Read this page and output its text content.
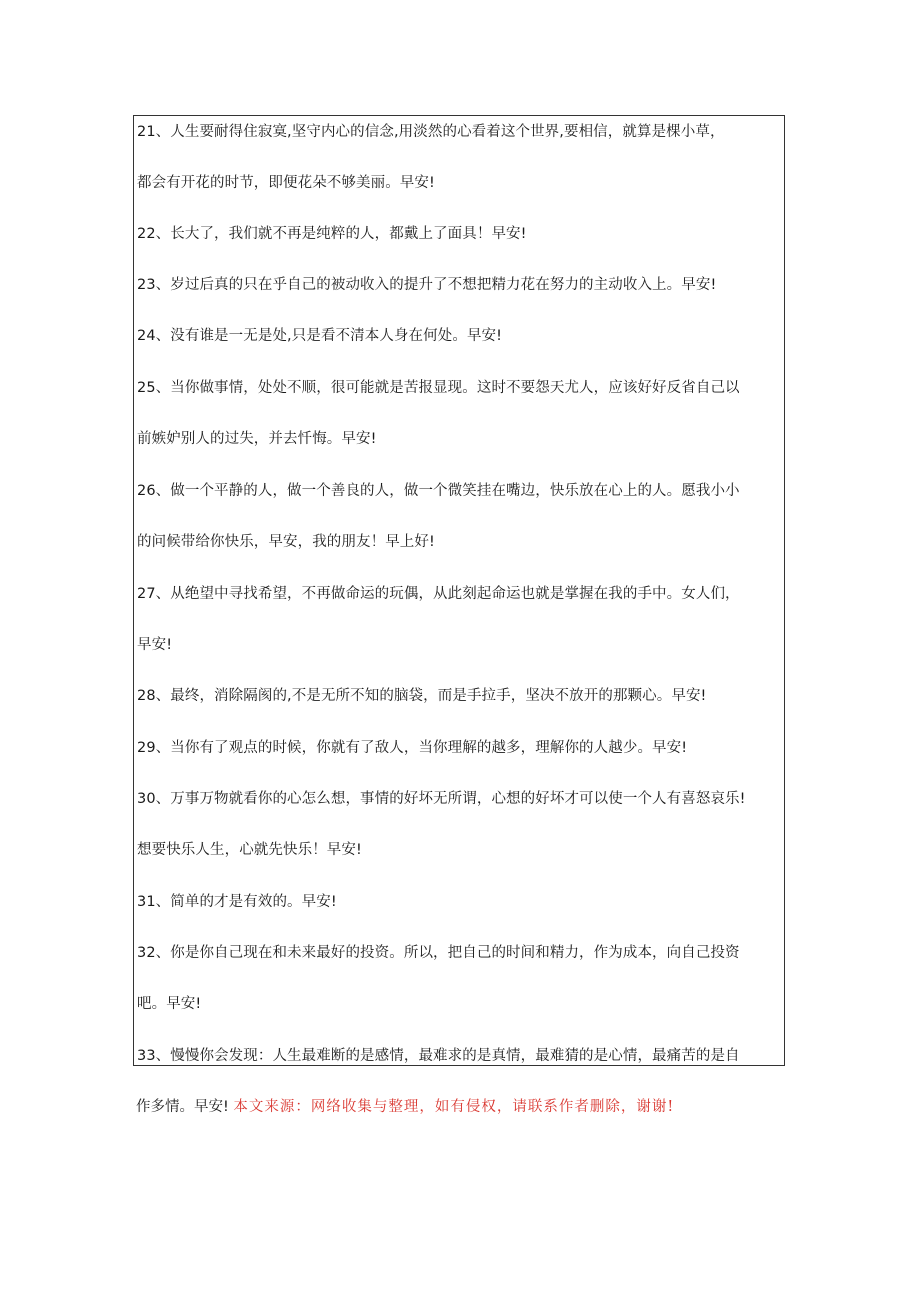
21、人生要耐得住寂寞,坚守内心的信念,用淡然的心看着这个世界,要相信，就算是棵小草，
都会有开花的时节，即便花朵不够美丽。早安!
22、长大了，我们就不再是纯粹的人，都戴上了面具！早安!
23、岁过后真的只在乎自己的被动收入的提升了不想把精力花在努力的主动收入上。早安!
24、没有谁是一无是处,只是看不清本人身在何处。早安!
25、当你做事情，处处不顺，很可能就是苦报显现。这时不要怨天尤人，应该好好反省自己以
前嫉妒别人的过失，并去忏悔。早安!
26、做一个平静的人，做一个善良的人，做一个微笑挂在嘴边，快乐放在心上的人。愿我小小
的问候带给你快乐，早安，我的朋友！早上好!
27、从绝望中寻找希望，不再做命运的玩偶，从此刻起命运也就是掌握在我的手中。女人们，
早安!
28、最终，消除隔阂的,不是无所不知的脑袋，而是手拉手，坚决不放开的那颗心。早安!
29、当你有了观点的时候，你就有了敌人，当你理解的越多，理解你的人越少。早安!
30、万事万物就看你的心怎么想，事情的好坏无所谓，心想的好坏才可以使一个人有喜怒哀乐!
想要快乐人生，心就先快乐！早安!
31、简单的才是有效的。早安!
32、你是你自己现在和未来最好的投资。所以，把自己的时间和精力，作为成本，向自己投资
吧。早安!
33、慢慢你会发现：人生最难断的是感情，最难求的是真情，最难猜的是心情，最痛苦的是自
作多情。早安! 本文来源：网络收集与整理，如有侵权，请联系作者删除，谢谢!
